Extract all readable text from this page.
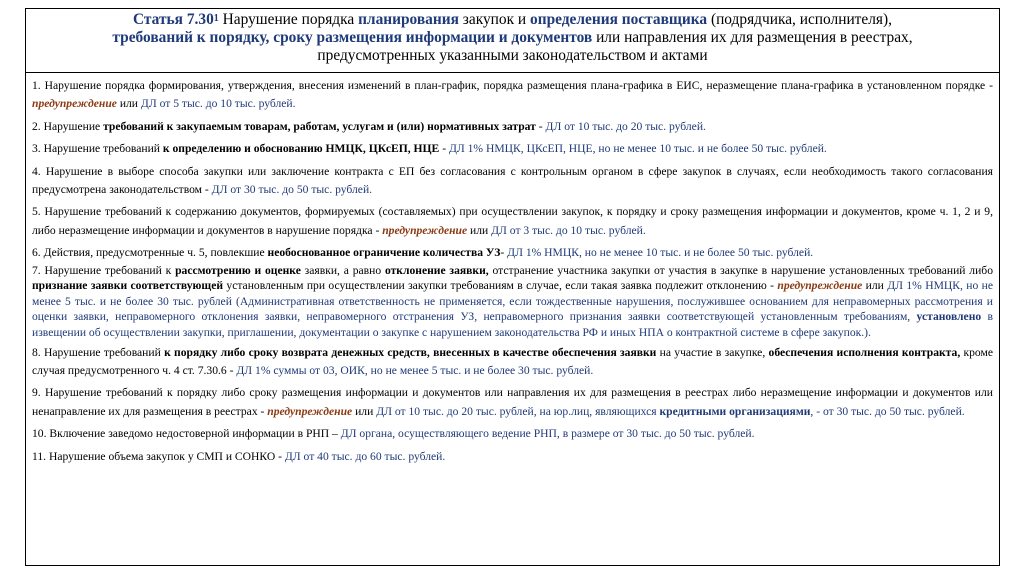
Статья 7.30$^1$ Нарушение порядка планирования закупок и определения поставщика (подрядчика, исполнителя),
требований к порядку, сроку размещения информации и документов или направления их для размещения в реестрах,
предусмотренных указанными законодательством и актами

1. Нарушение порядка формирования, утверждения, внесения изменений в план-график, порядка размещения плана-графика в ЕИС, неразмещение плана-графика в установленном порядке - предупреждение или ДЛ от 5 тыс. до 10 тыс. рублей.

2. Нарушение требований к закупаемым товарам, работам, услугам и (или) нормативных затрат - ДЛ от 10 тыс. до 20 тыс. рублей.

3. Нарушение требований к определению и обоснованию НМЦК, ЦКсЕП, НЦЕ - ДЛ 1% НМЦК, ЦКсЕП, НЦЕ, но не менее 10 тыс. и не более 50 тыс. рублей.

4. Нарушение в выборе способа закупки или заключение контракта с ЕП без согласования с контрольным органом в сфере закупок в случаях, если необходимость такого согласования предусмотрена законодательством - ДЛ от 30 тыс. до 50 тыс. рублей.

5. Нарушение требований к содержанию документов, формируемых (составляемых) при осуществлении закупок, к порядку и сроку размещения информации и документов, кроме ч. 1, 2 и 9, либо неразмещение информации и документов в нарушение порядка - предупреждение или ДЛ от 3 тыс. до 10 тыс. рублей.

6. Действия, предусмотренные ч. 5, повлекшие необоснованное ограничение количества УЗ- ДЛ 1% НМЦК, но не менее 10 тыс. и не более 50 тыс. рублей.

7. Нарушение требований к рассмотрению и оценке заявки, а равно отклонение заявки, отстранение участника закупки от участия в закупке в нарушение установленных требований либо признание заявки соответствующей установленным при осуществлении закупки требованиям в случае, если такая заявка подлежит отклонению - предупреждение или ДЛ 1% НМЦК, но не менее 5 тыс. и не более 30 тыс. рублей (Административная ответственность не применяется, если тождественные нарушения, послужившее основанием для неправомерных рассмотрения и оценки заявки, неправомерного отклонения заявки, неправомерного отстранения УЗ, неправомерного признания заявки соответствующей установленным требованиям, установлено в извещении об осуществлении закупки, приглашении, документации о закупке с нарушением законодательства РФ и иных НПА о контрактной системе в сфере закупок.).

8. Нарушение требований к порядку либо сроку возврата денежных средств, внесенных в качестве обеспечения заявки на участие в закупке, обеспечения исполнения контракта, кроме случая предусмотренного ч. 4 ст. 7.30.6 - ДЛ 1% суммы от 03, ОИК, но не менее 5 тыс. и не более 30 тыс. рублей.

9. Нарушение требований к порядку либо сроку размещения информации и документов или направления их для размещения в реестрах либо неразмещение информации и документов или ненаправление их для размещения в реестрах - предупреждение или ДЛ от 10 тыс. до 20 тыс. рублей, на юр.лиц, являющихся кредитными организациями, - от 30 тыс. до 50 тыс. рублей.

10. Включение заведомо недостоверной информации в РНП – ДЛ органа, осуществляющего ведение РНП, в размере от 30 тыс. до 50 тыс. рублей.

11. Нарушение объема закупок у СМП и СОНКО - ДЛ от 40 тыс. до 60 тыс. рублей.
